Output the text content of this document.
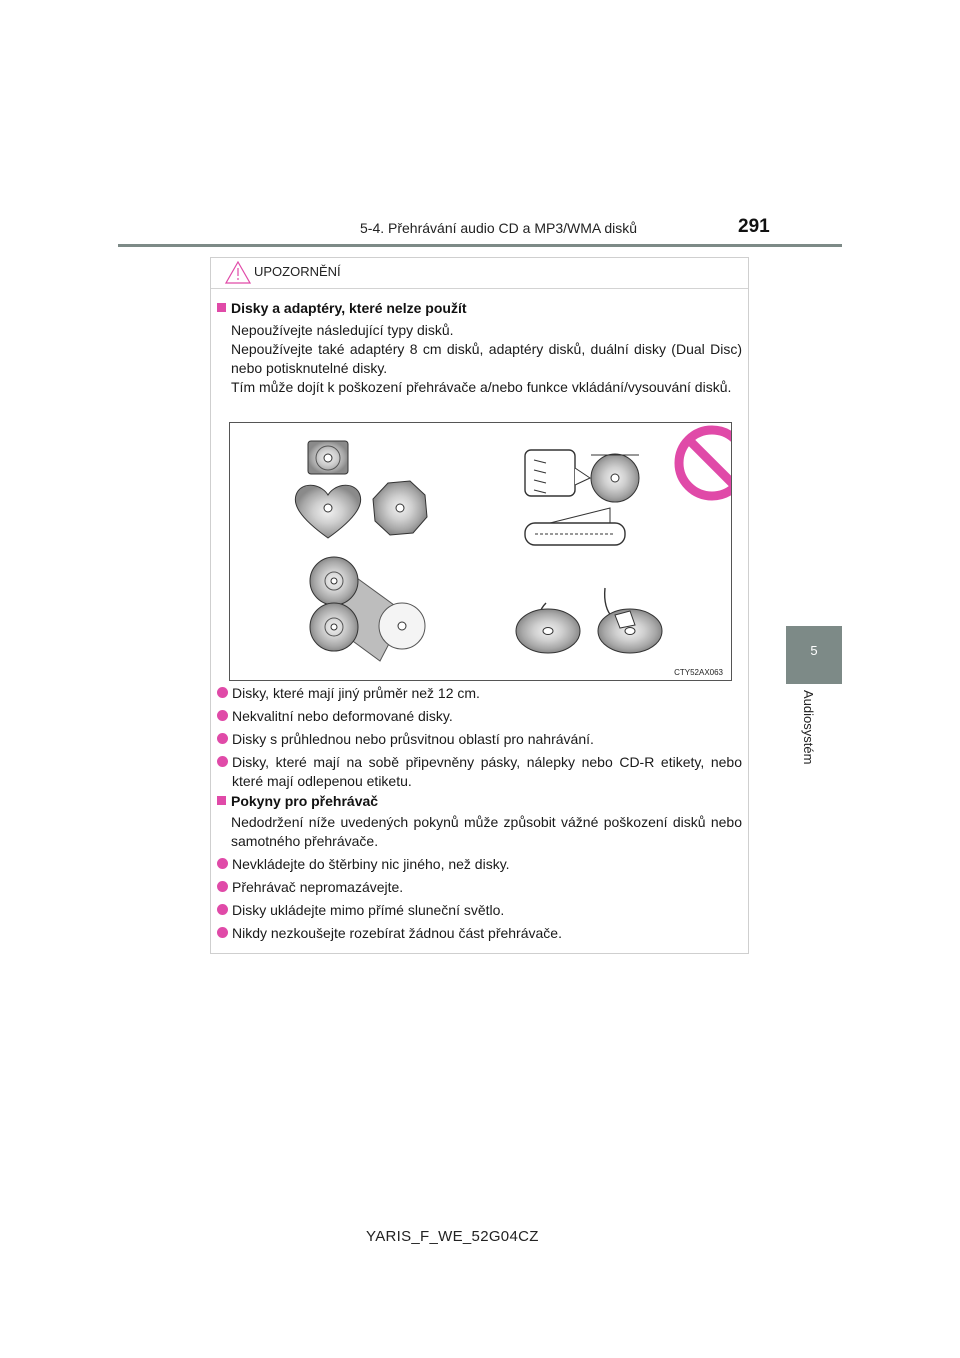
5-4. Přehrávání audio CD a MP3/WMA disků	291
5
Audiosystém
UPOZORNĚNÍ
Disky a adaptéry, které nelze použít
Nepoužívejte následující typy disků.
Nepoužívejte také adaptéry 8 cm disků, adaptéry disků, duální disky (Dual Disc) nebo potisknutelné disky.
Tím může dojít k poškození přehrávače a/nebo funkce vkládání/vysouvání disků.
CTY52AX063
Disky, které mají jiný průměr než 12 cm.
Nekvalitní nebo deformované disky.
Disky s průhlednou nebo průsvitnou oblastí pro nahrávání.
Disky, které mají na sobě připevněny pásky, nálepky nebo CD-R etikety, nebo které mají odlepenou etiketu.
Pokyny pro přehrávač
Nedodržení níže uvedených pokynů může způsobit vážné poškození disků nebo samotného přehrávače.
Nevkládejte do štěrbiny nic jiného, než disky.
Přehrávač nepromazávejte.
Disky ukládejte mimo přímé sluneční světlo.
Nikdy nezkoušejte rozebírat žádnou část přehrávače.
YARIS_F_WE_52G04CZ
